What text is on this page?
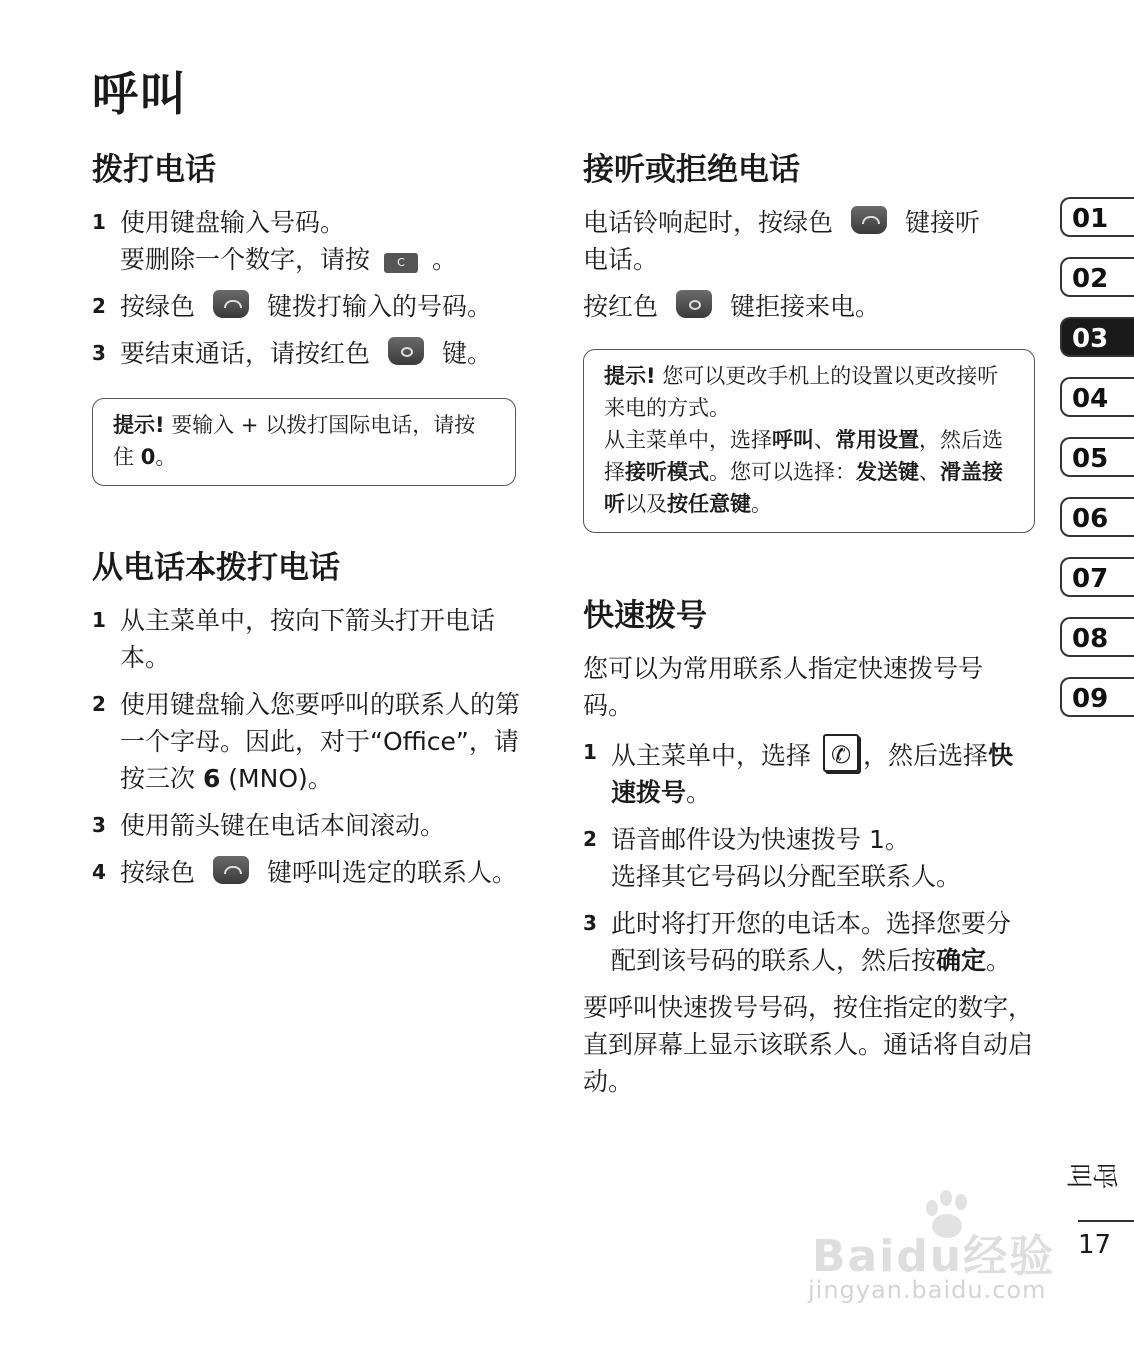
呼叫
拨打电话
1 使用键盘输入号码。
要删除一个数字，请按 C 。
2 按绿色	键拨打输入的号码。
3 要结束通话，请按红色	键。
提示! 要输入 + 以拨打国际电话，请按住 0。
从电话本拨打电话
1 从主菜单中，按向下箭头打开电话本。
2 使用键盘输入您要呼叫的联系人的第一个字母。因此，对于“Office”，请按三次 6 (MNO)。
3 使用箭头键在电话本间滚动。
4 按绿色	键呼叫选定的联系人。
接听或拒绝电话

电话铃响起时，按绿色	键接听电话。

按红色	键拒接来电。

提示! 您可以更改手机上的设置以更改接听来电的方式。
从主菜单中，选择呼叫、常用设置，然后选择接听模式。您可以选择：发送键、滑盖接听以及按任意键。
快速拨号

您可以为常用联系人指定快速拨号号码。

1 从主菜单中，选择✆ ，然后选择快速拨号。
2 语音邮件设为快速拨号 1。
选择其它号码以分配至联系人。
3 此时将打开您的电话本。选择您要分配到该号码的联系人，然后按确定。

要呼叫快速拨号号码，按住指定的数字，直到屏幕上显示该联系人。通话将自动启动。

01
02
03
04
05
06
07
08
09
呼叫
17
Baidu经验
jingyan.baidu.com
